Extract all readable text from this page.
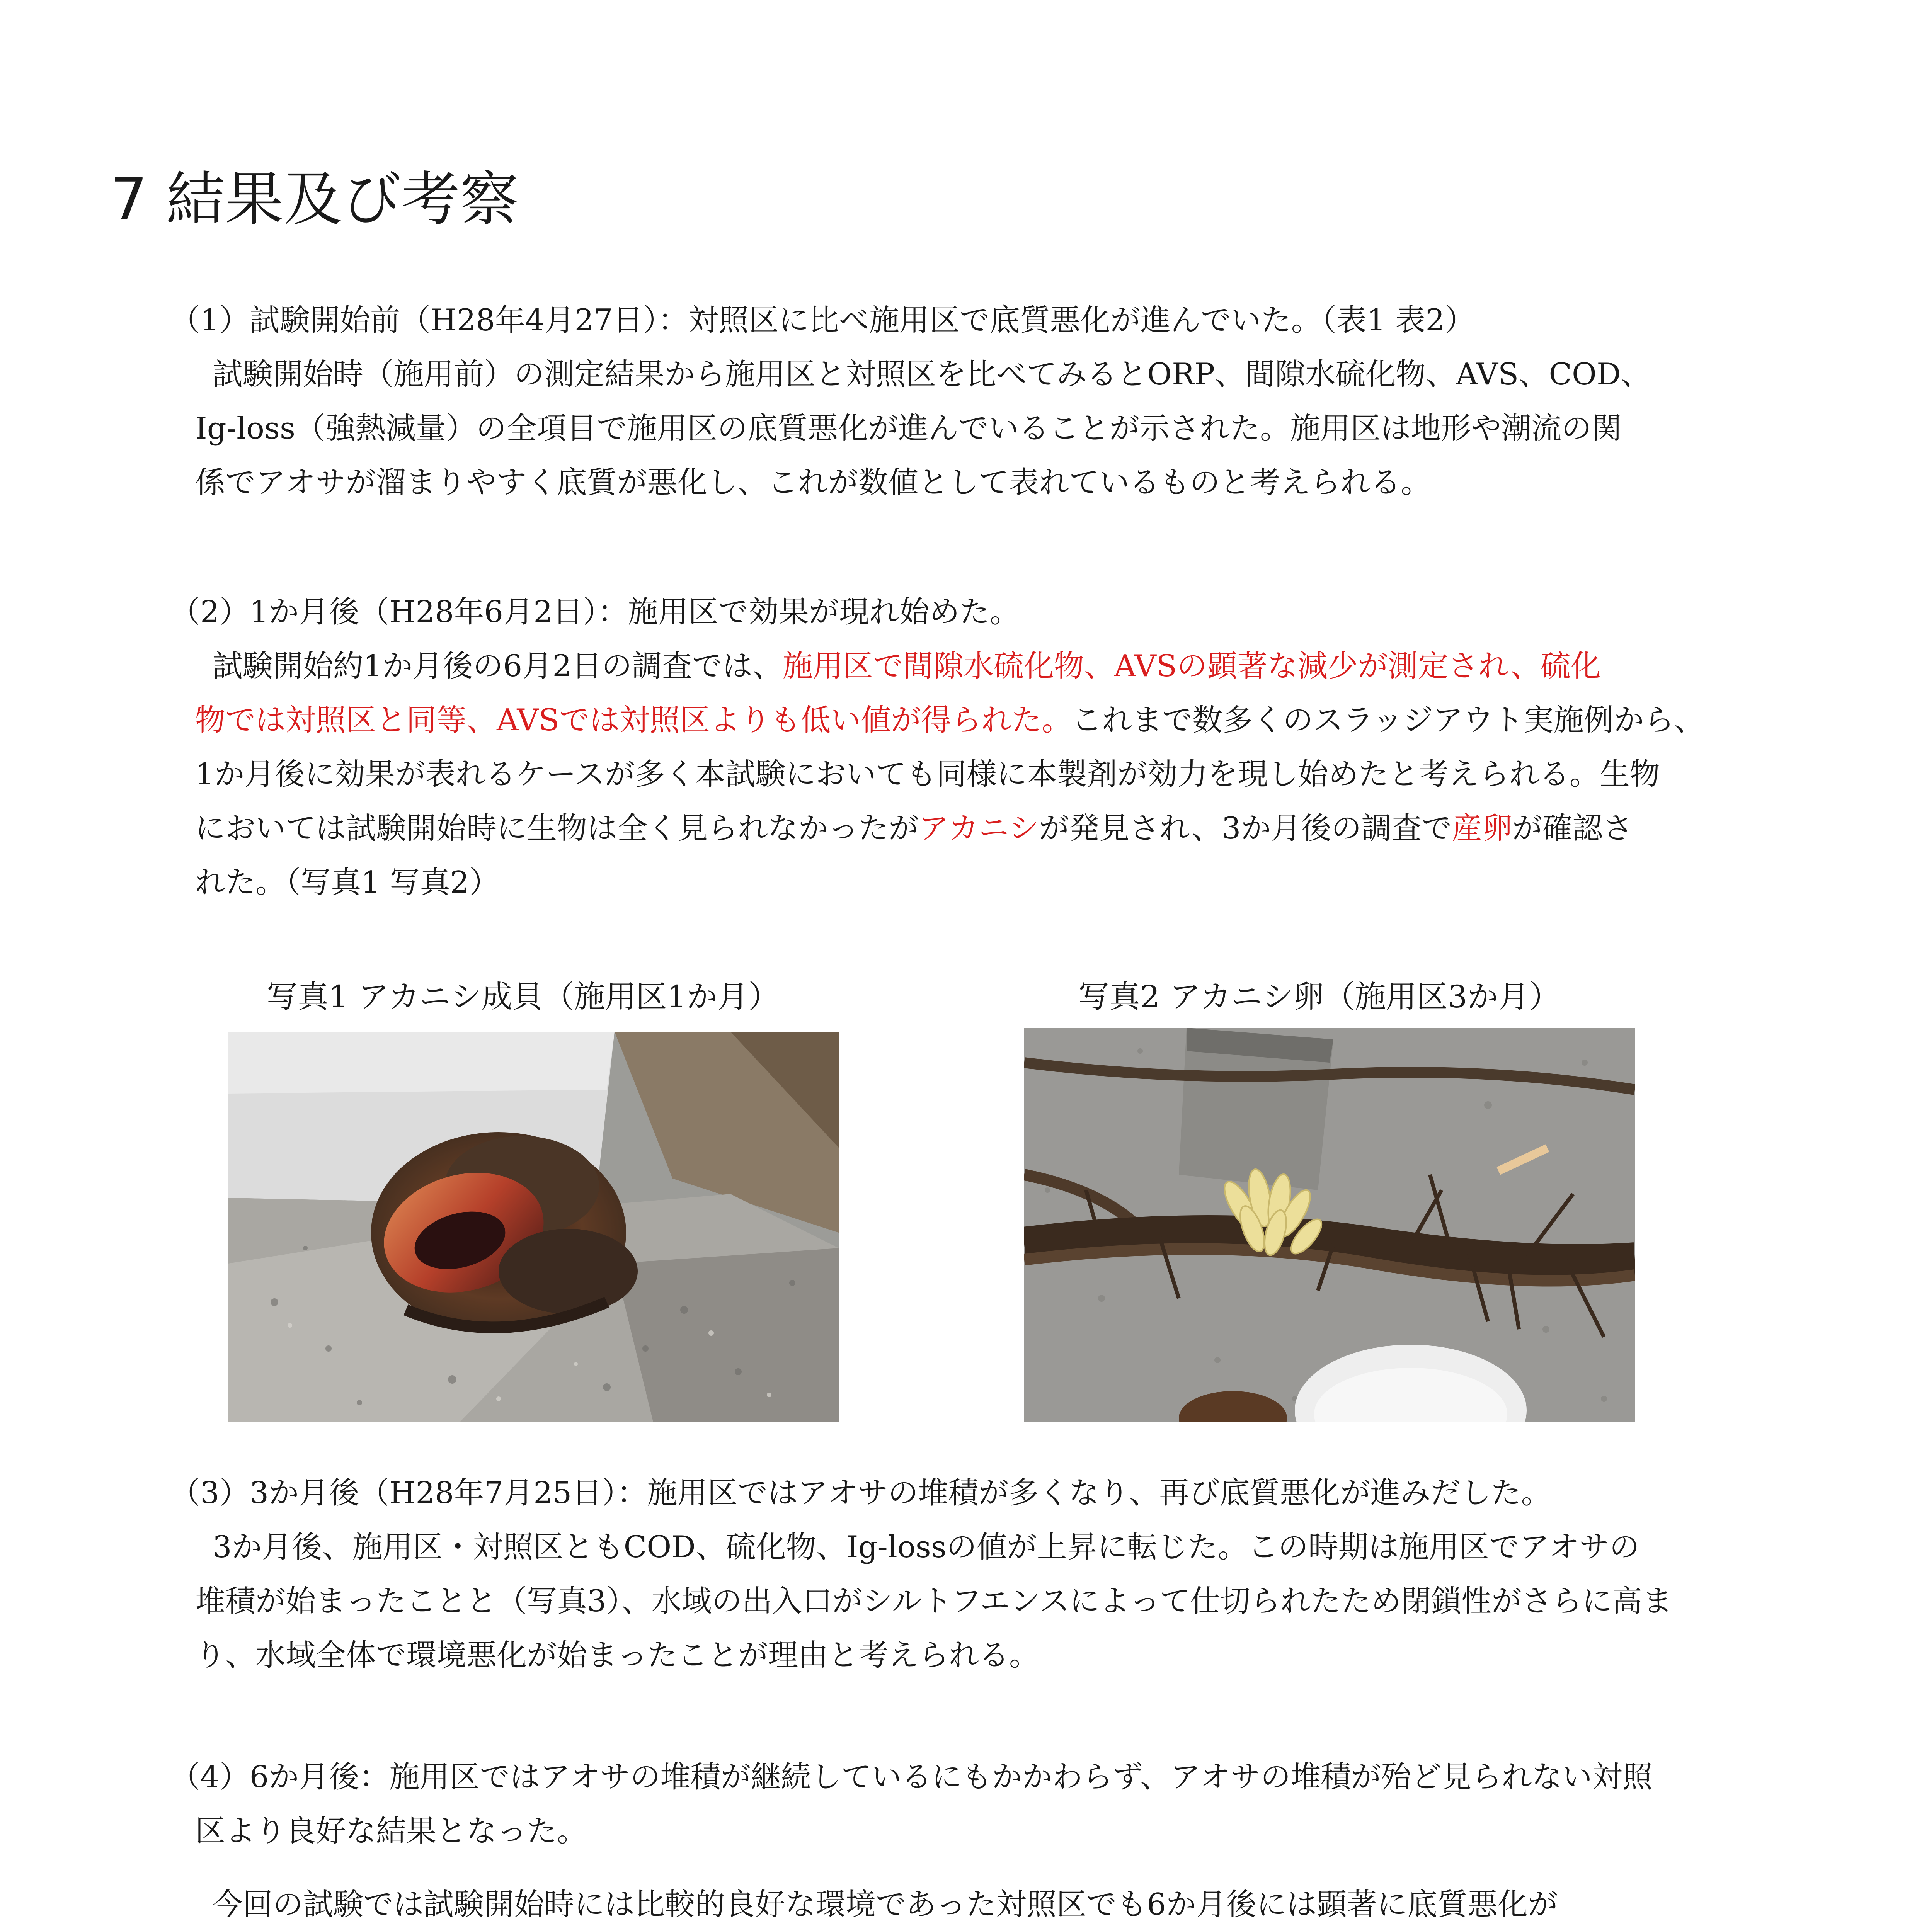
7 結果及び考察
（1）試験開始前（H28年4月27日）：対照区に比べ施用区で底質悪化が進んでいた。（表1 表2）
試験開始時（施用前）の測定結果から施用区と対照区を比べてみるとORP、間隙水硫化物、AVS、COD、
Ig-loss（強熱減量）の全項目で施用区の底質悪化が進んでいることが示された。施用区は地形や潮流の関
係でアオサが溜まりやすく底質が悪化し、これが数値として表れているものと考えられる。
（2）1か月後（H28年6月2日）：施用区で効果が現れ始めた。
試験開始約1か月後の6月2日の調査では、施用区で間隙水硫化物、AVSの顕著な減少が測定され、硫化
物では対照区と同等、AVSでは対照区よりも低い値が得られた。これまで数多くのスラッジアウト実施例から、
1か月後に効果が表れるケースが多く本試験においても同様に本製剤が効力を現し始めたと考えられる。生物
においては試験開始時に生物は全く見られなかったがアカニシが発見され、3か月後の調査で産卵が確認さ
れた。（写真1 写真2）
写真1 アカニシ成貝（施用区1か月）	写真2 アカニシ卵（施用区3か月）
（3）3か月後（H28年7月25日）：施用区ではアオサの堆積が多くなり、再び底質悪化が進みだした。
3か月後、施用区・対照区ともCOD、硫化物、Ig-lossの値が上昇に転じた。この時期は施用区でアオサの
堆積が始まったことと（写真3）、水域の出入口がシルトフエンスによって仕切られたため閉鎖性がさらに高ま
り、水域全体で環境悪化が始まったことが理由と考えられる。
（4）6か月後：施用区ではアオサの堆積が継続しているにもかかわらず、アオサの堆積が殆ど見られない対照
区より良好な結果となった。
今回の試験では試験開始時には比較的良好な環境であった対照区でも6か月後には顕著に底質悪化が
